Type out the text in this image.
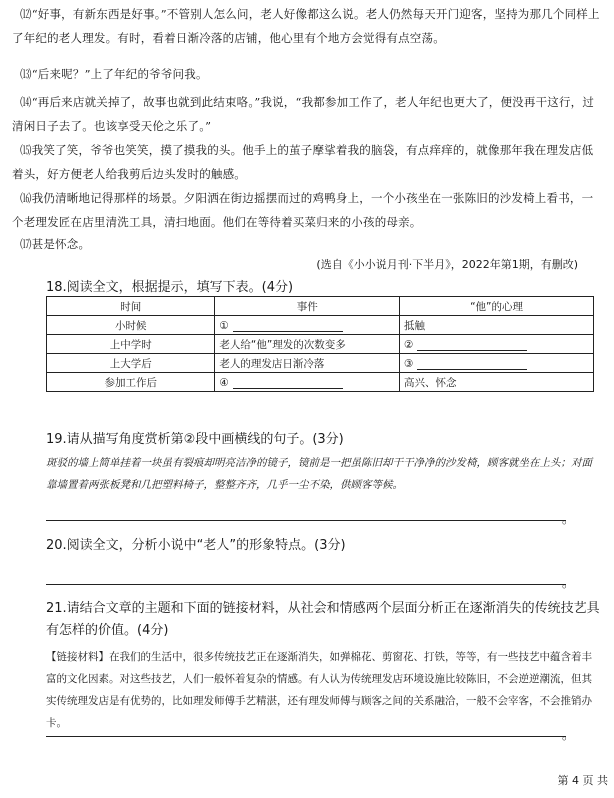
⑿“好事，有新东西是好事。”不管别人怎么问，老人好像都这么说。老人仍然每天开门迎客，坚持为那几个同样上了年纪的老人理发。有时，看着日渐冷落的店铺，他心里有个地方会觉得有点空荡。

⒀“后来呢？”上了年纪的爷爷问我。

⒁“再后来店就关掉了，故事也就到此结束咯。”我说，“我都参加工作了，老人年纪也更大了，便没再干这行，过清闲日子去了。也该享受天伦之乐了。”

⒂我笑了笑，爷爷也笑笑，摸了摸我的头。他手上的茧子摩挲着我的脑袋，有点痒痒的，就像那年我在理发店低着头，好方便老人给我剪后边头发时的触感。

⒃我仍清晰地记得那样的场景。夕阳洒在街边摇摆而过的鸡鸭身上，一个小孩坐在一张陈旧的沙发椅上看书，一个老理发匠在店里清洗工具，清扫地面。他们在等待着买菜归来的小孩的母亲。

⒄甚是怀念。

(选自《小小说月刊·下半月》，2022年第1期，有删改)

18.阅读全文，根据提示，填写下表。(4分)

时间	事件	“他”的心理
小时候	①	抵触
上中学时	老人给“他”理发的次数变多	②
上大学后	老人的理发店日渐冷落	③
参加工作后	④	高兴、怀念

19.请从描写角度赏析第②段中画横线的句子。(3分)

斑驳的墙上简单挂着一块虽有裂痕却明亮洁净的镜子，镜前是一把虽陈旧却干干净净的沙发椅，顾客就坐在上头；对面靠墙置着两张板凳和几把塑料椅子，整整齐齐，几乎一尘不染，供顾客等候。

。

20.阅读全文，分析小说中“老人”的形象特点。(3分)

。

21.请结合文章的主题和下面的链接材料，从社会和情感两个层面分析正在逐渐消失的传统技艺具有怎样的价值。(4分)

【链接材料】在我们的生活中，很多传统技艺正在逐渐消失，如弹棉花、剪窗花、打铁，等等，有一些技艺中蕴含着丰富的文化因素。对这些技艺，人们一般怀着复杂的情感。有人认为传统理发店环境设施比较陈旧，不会逆逆潮流，但其实传统理发店是有优势的，比如理发师傅手艺精湛，还有理发师傅与顾客之间的关系融洽，一般不会宰客，不会推销办卡。

。
第 4 页 共
